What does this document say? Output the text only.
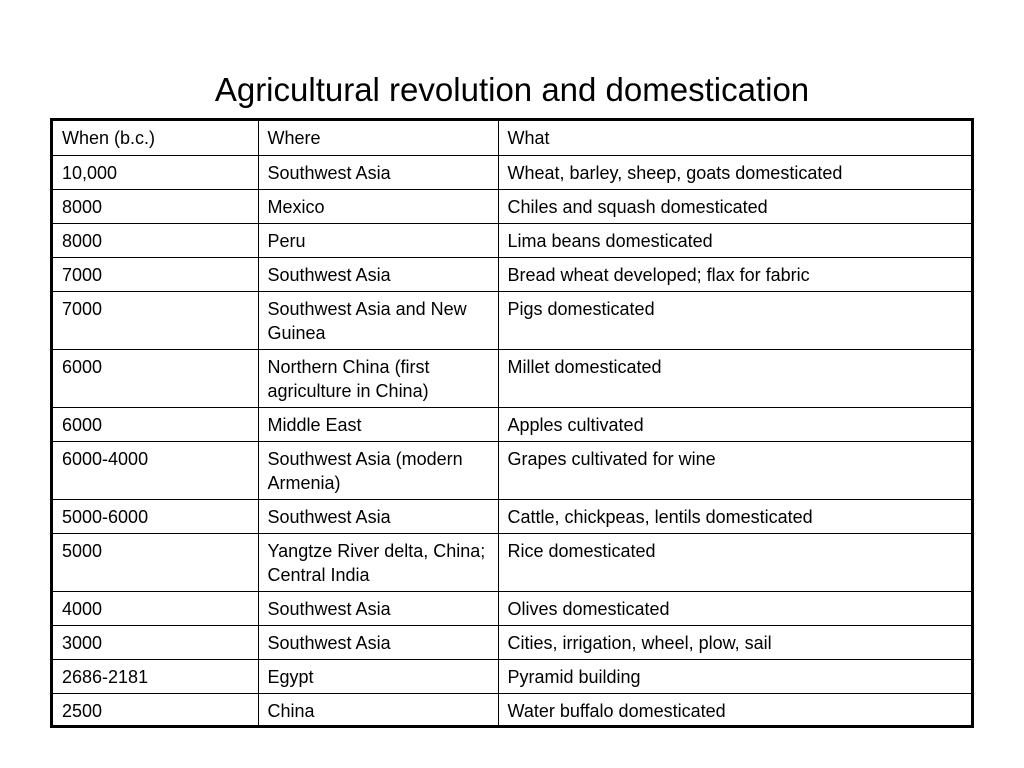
Agricultural revolution and domestication
When (b.c.)	Where	What
10,000	Southwest Asia	Wheat, barley, sheep, goats domesticated
8000	Mexico	Chiles and squash domesticated
8000	Peru	Lima beans domesticated
7000	Southwest Asia	Bread wheat developed; flax for fabric
7000	Southwest Asia and New Guinea	Pigs domesticated
6000	Northern China (first agriculture in China)	Millet domesticated
6000	Middle East	Apples cultivated
6000-4000	Southwest Asia (modern Armenia)	Grapes cultivated for wine
5000-6000	Southwest Asia	Cattle, chickpeas, lentils domesticated
5000	Yangtze River delta, China; Central India	Rice domesticated
4000	Southwest Asia	Olives domesticated
3000	Southwest Asia	Cities, irrigation, wheel, plow, sail
2686-2181	Egypt	Pyramid building
2500	China	Water buffalo domesticated
